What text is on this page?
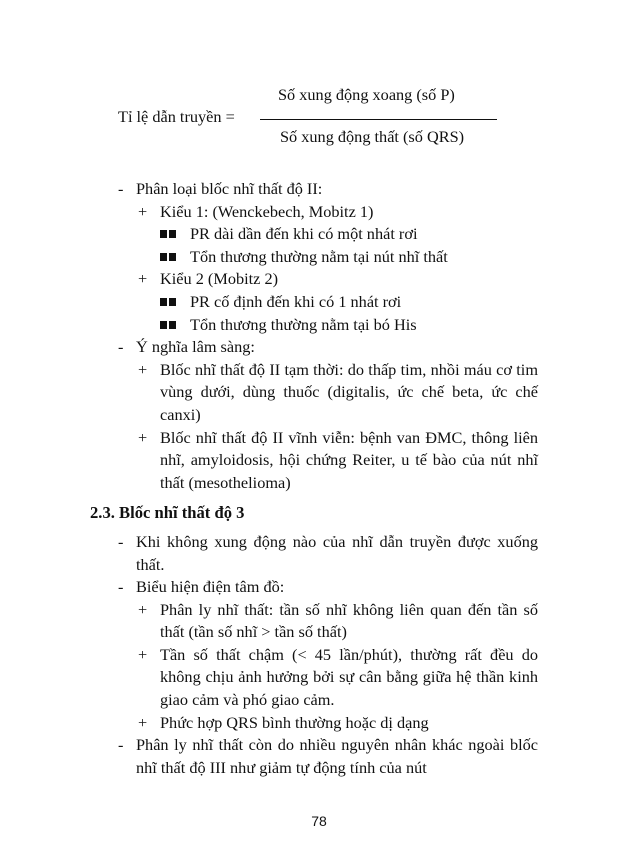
Tỉ lệ dẫn truyền =
Số xung động xoang (số P)
Số xung động thất (số QRS)
- Phân loại blốc nhĩ thất độ II:
+ Kiểu 1: (Wenckebech, Mobitz 1)
PR dài dần đến khi có một nhát rơi
Tổn thương thường nằm tại nút nhĩ thất
+ Kiểu 2 (Mobitz 2)
PR cố định đến khi có 1 nhát rơi
Tổn thương thường nằm tại bó His
- Ý nghĩa lâm sàng:
+ Blốc nhĩ thất độ II tạm thời: do thấp tim, nhồi máu cơ tim vùng dưới, dùng thuốc (digitalis, ức chế beta, ức chế canxi)
+ Blốc nhĩ thất độ II vĩnh viễn: bệnh van ĐMC, thông liên nhĩ, amyloidosis, hội chứng Reiter, u tế bào của nút nhĩ thất (mesothelioma)
2.3. Blốc nhĩ thất độ 3
- Khi không xung động nào của nhĩ dẫn truyền được xuống thất.
- Biểu hiện điện tâm đồ:
+ Phân ly nhĩ thất: tần số nhĩ không liên quan đến tần số thất (tần số nhĩ > tần số thất)
+ Tần số thất chậm (< 45 lần/phút), thường rất đều do không chịu ảnh hưởng bởi sự cân bằng giữa hệ thần kinh giao cảm và phó giao cảm.
+ Phức hợp QRS bình thường hoặc dị dạng
- Phân ly nhĩ thất còn do nhiều nguyên nhân khác ngoài blốc nhĩ thất độ III như giảm tự động tính của nút
78
